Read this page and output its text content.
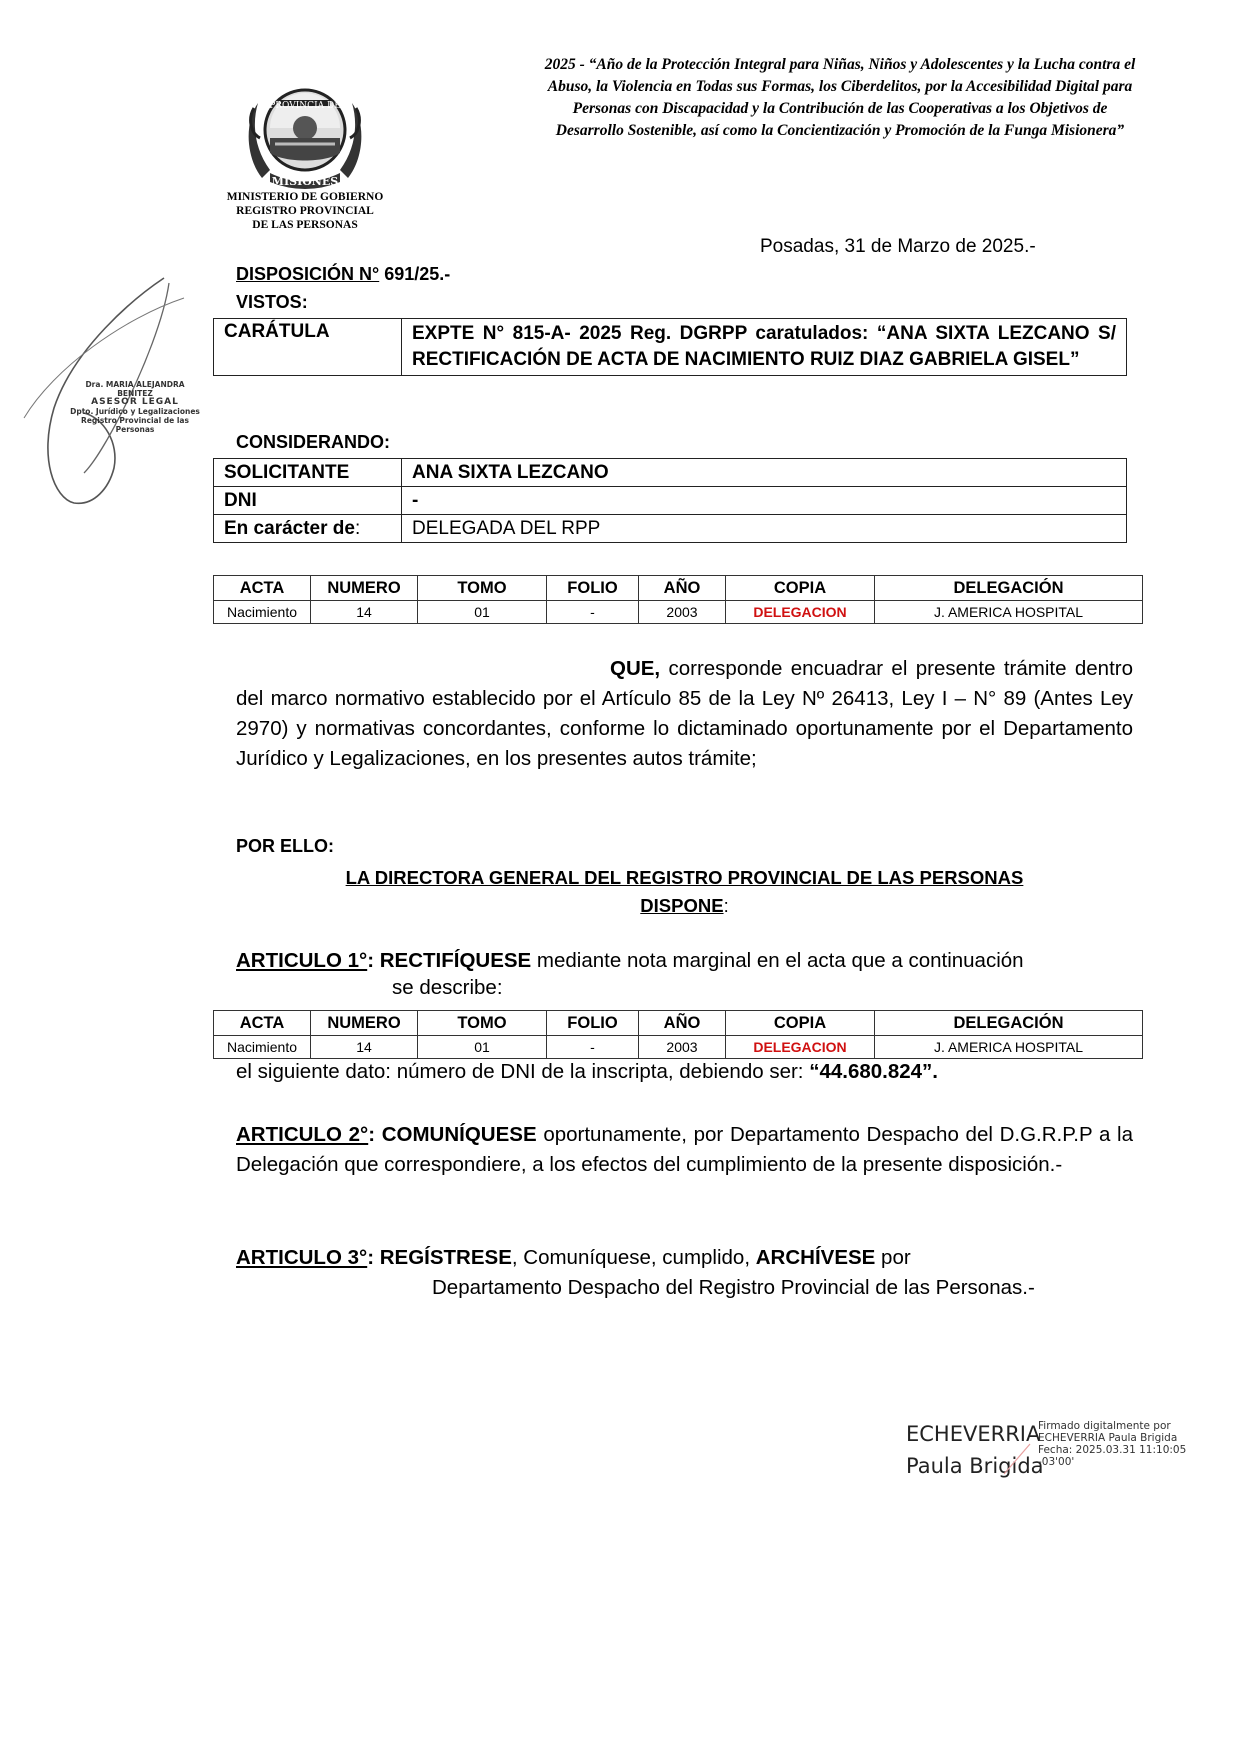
PROVINCIA DE
MISIONES
MINISTERIO DE GOBIERNO
REGISTRO PROVINCIAL
DE LAS PERSONAS
2025 - “Año de la Protección Integral para Niñas, Niños y Adolescentes y la Lucha contra el Abuso, la Violencia en Todas sus Formas, los Ciberdelitos, por la Accesibilidad Digital para Personas con Discapacidad y la Contribución de las Cooperativas a los Objetivos de Desarrollo Sostenible, así como la Concientización y Promoción de la Funga Misionera”
Dra. MARIA ALEJANDRA BENITEZ
ASESOR LEGAL
Dpto. Jurídico y Legalizaciones
Registro Provincial de las Personas
Posadas, 31 de Marzo de 2025.-
DISPOSICIÓN N° 691/25.-
VISTOS:
CARÁTULA	EXPTE N° 815-A- 2025 Reg. DGRPP caratulados: “ANA SIXTA LEZCANO S/ RECTIFICACIÓN DE ACTA DE NACIMIENTO RUIZ DIAZ GABRIELA GISEL”
CONSIDERANDO:
SOLICITANTE	ANA SIXTA LEZCANO
DNI	-
En carácter de:	DELEGADA DEL RPP
ACTA	NUMERO	TOMO	FOLIO	AÑO	COPIA	DELEGACIÓN
Nacimiento	14	01	-	2003	DELEGACION	J. AMERICA HOSPITAL
QUE, corresponde encuadrar el presente trámite dentro del marco normativo establecido por el Artículo 85 de la Ley Nº 26413, Ley I – N° 89 (Antes Ley 2970) y normativas concordantes, conforme lo dictaminado oportunamente por el Departamento Jurídico y Legalizaciones, en los presentes autos trámite;
POR ELLO:
LA DIRECTORA GENERAL DEL REGISTRO PROVINCIAL DE LAS PERSONAS
DISPONE:
ARTICULO 1°: RECTIFÍQUESE mediante nota marginal en el acta que a continuación
se describe:
ACTA	NUMERO	TOMO	FOLIO	AÑO	COPIA	DELEGACIÓN
Nacimiento	14	01	-	2003	DELEGACION	J. AMERICA HOSPITAL
el siguiente dato: número de DNI de la inscripta, debiendo ser: “44.680.824”.
ARTICULO 2°: COMUNÍQUESE oportunamente, por Departamento Despacho del D.G.R.P.P a la Delegación que correspondiere, a los efectos del cumplimiento de la presente disposición.-
ARTICULO 3°: REGÍSTRESE, Comuníquese, cumplido, ARCHÍVESE por
Departamento Despacho del Registro Provincial de las Personas.-
ECHEVERRIA
Paula Brigida
Firmado digitalmente por
ECHEVERRIA Paula Brigida
Fecha: 2025.03.31 11:10:05
-03'00'
